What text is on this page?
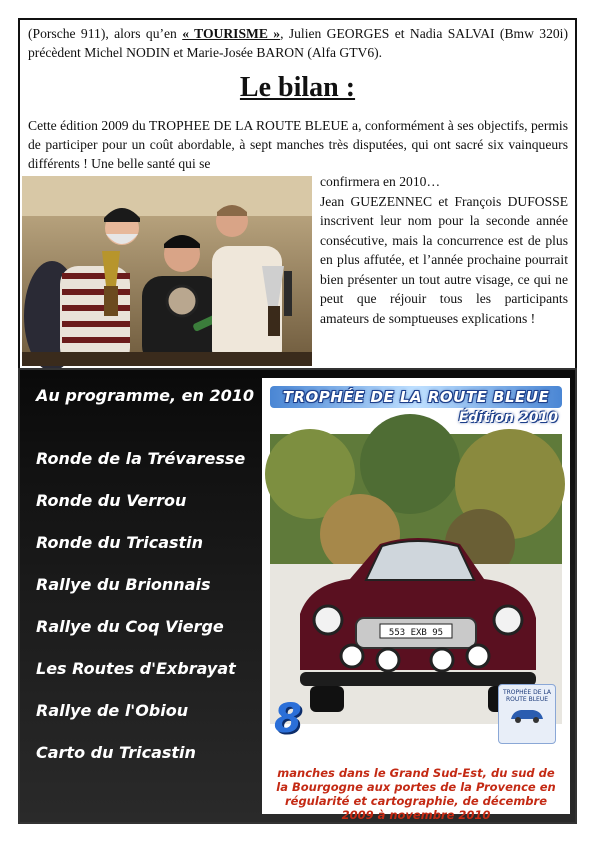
(Porsche 911), alors qu’en « TOURISME », Julien GEORGES et Nadia SALVAI (Bmw 320i) précèdent Michel NODIN et Marie-Josée BARON (Alfa GTV6).
Le bilan :
Cette édition 2009 du TROPHEE DE LA ROUTE BLEUE a, conformément à ses objectifs, permis de participer pour un coût abordable, à sept manches très disputées, qui ont sacré six vainqueurs différents ! Une belle santé qui se
confirmera en 2010…
Jean GUEZENNEC et François DUFOSSE inscrivent leur nom pour la seconde année consécutive, mais la concurrence est de plus en plus affutée, et l’année prochaine pourrait bien présenter un tout autre visage, ce qui ne peut que réjouir tous les participants amateurs de somptueuses explications !
Au programme, en 2010
Ronde de la Trévaresse
Ronde du Verrou
Ronde du Tricastin
Rallye du Brionnais
Rallye du Coq Vierge
Les Routes d'Exbrayat
Rallye de l'Obiou
Carto du Tricastin
553 EXB 95
TROPHÉE DE LA ROUTE BLEUE
Édition 2010
8
TROPHÉE DE LA ROUTE BLEUE
manches dans le Grand Sud-Est, du sud de la Bourgogne aux portes de la Provence en régularité et cartographie, de décembre 2009 à novembre 2010
